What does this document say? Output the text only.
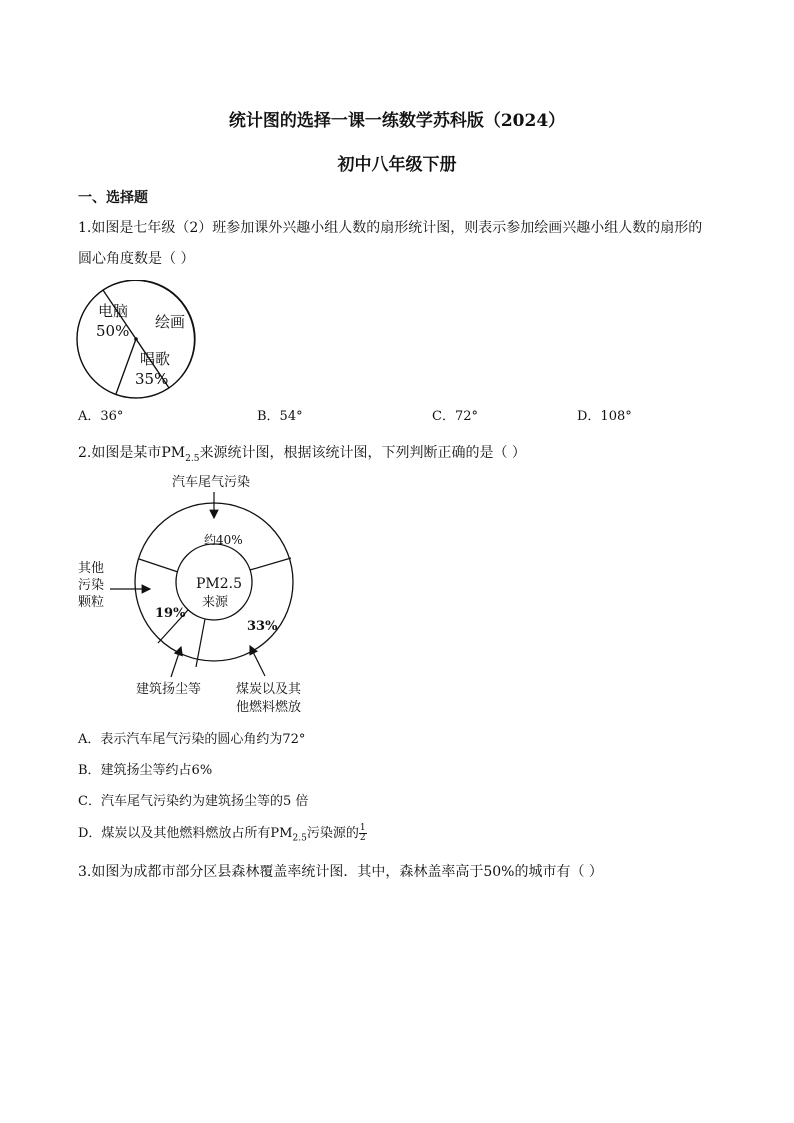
统计图的选择一课一练数学苏科版（2024）
初中八年级下册
一、选择题
1.如图是七年级（2）班参加课外兴趣小组人数的扇形统计图，则表示参加绘画兴趣小组人数的扇形的
圆心角度数是（ ）
电脑
50% 绘画
唱歌
35%
A．36°	B．54°	C．72°	D．108°
2.如图是某市$PM_{2.5}$来源统计图，根据该统计图，下列判断正确的是（ ）
汽车尾气污染
约40%
其他
污染
颗粒
19%
PM2.5
来源
33%
建筑扬尘等	煤炭以及其
他燃料燃放
A．表示汽车尾气污染的圆心角约为72°
B．建筑扬尘等约占6%
C．汽车尾气污染约为建筑扬尘等的5 倍
D．煤炭以及其他燃料燃放占所有$PM_{2.5}$污染源的 $\frac{1}{2}$
3.如图为成都市部分区县森林覆盖率统计图．其中，森林盖率高于50%的城市有（ ）
